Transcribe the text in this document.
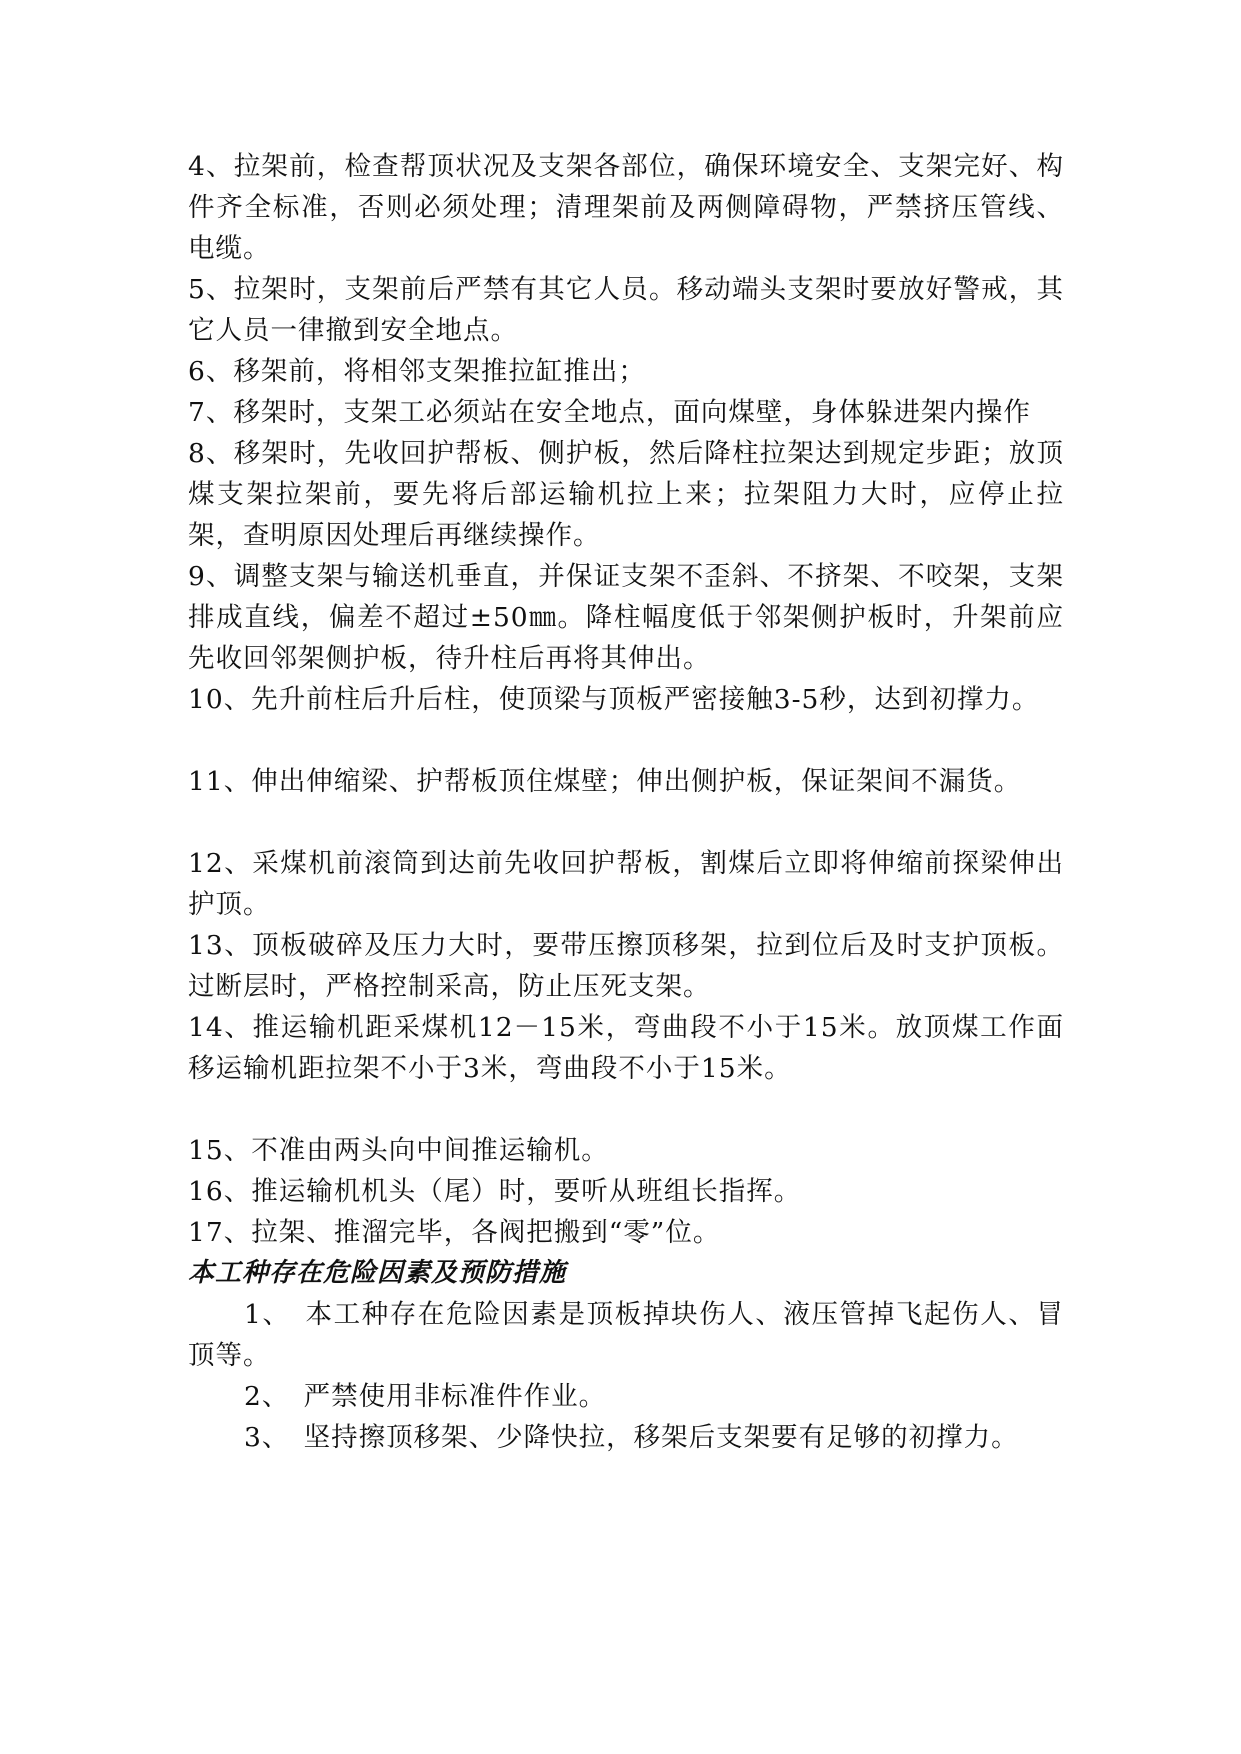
4、拉架前，检查帮顶状况及支架各部位，确保环境安全、支架完好、构件齐全标准，否则必须处理；清理架前及两侧障碍物，严禁挤压管线、电缆。

5、拉架时，支架前后严禁有其它人员。移动端头支架时要放好警戒，其它人员一律撤到安全地点。

6、移架前，将相邻支架推拉缸推出；

7、移架时，支架工必须站在安全地点，面向煤壁，身体躲进架内操作

8、移架时，先收回护帮板、侧护板，然后降柱拉架达到规定步距；放顶煤支架拉架前，要先将后部运输机拉上来；拉架阻力大时，应停止拉架，查明原因处理后再继续操作。

9、调整支架与输送机垂直，并保证支架不歪斜、不挤架、不咬架，支架排成直线，偏差不超过±50㎜。降柱幅度低于邻架侧护板时，升架前应先收回邻架侧护板，待升柱后再将其伸出。

10、先升前柱后升后柱，使顶梁与顶板严密接触3-5秒，达到初撑力。

11、伸出伸缩梁、护帮板顶住煤壁；伸出侧护板，保证架间不漏货。

12、采煤机前滚筒到达前先收回护帮板，割煤后立即将伸缩前探梁伸出护顶。

13、顶板破碎及压力大时，要带压擦顶移架，拉到位后及时支护顶板。过断层时，严格控制采高，防止压死支架。

14、推运输机距采煤机12－15米，弯曲段不小于15米。放顶煤工作面移运输机距拉架不小于3米，弯曲段不小于15米。

15、不准由两头向中间推运输机。

16、推运输机机头（尾）时，要听从班组长指挥。

17、拉架、推溜完毕，各阀把搬到“零”位。

本工种存在危险因素及预防措施

1、　本工种存在危险因素是顶板掉块伤人、液压管掉飞起伤人、冒顶等。

2、　严禁使用非标准件作业。

3、　坚持擦顶移架、少降快拉，移架后支架要有足够的初撑力。
